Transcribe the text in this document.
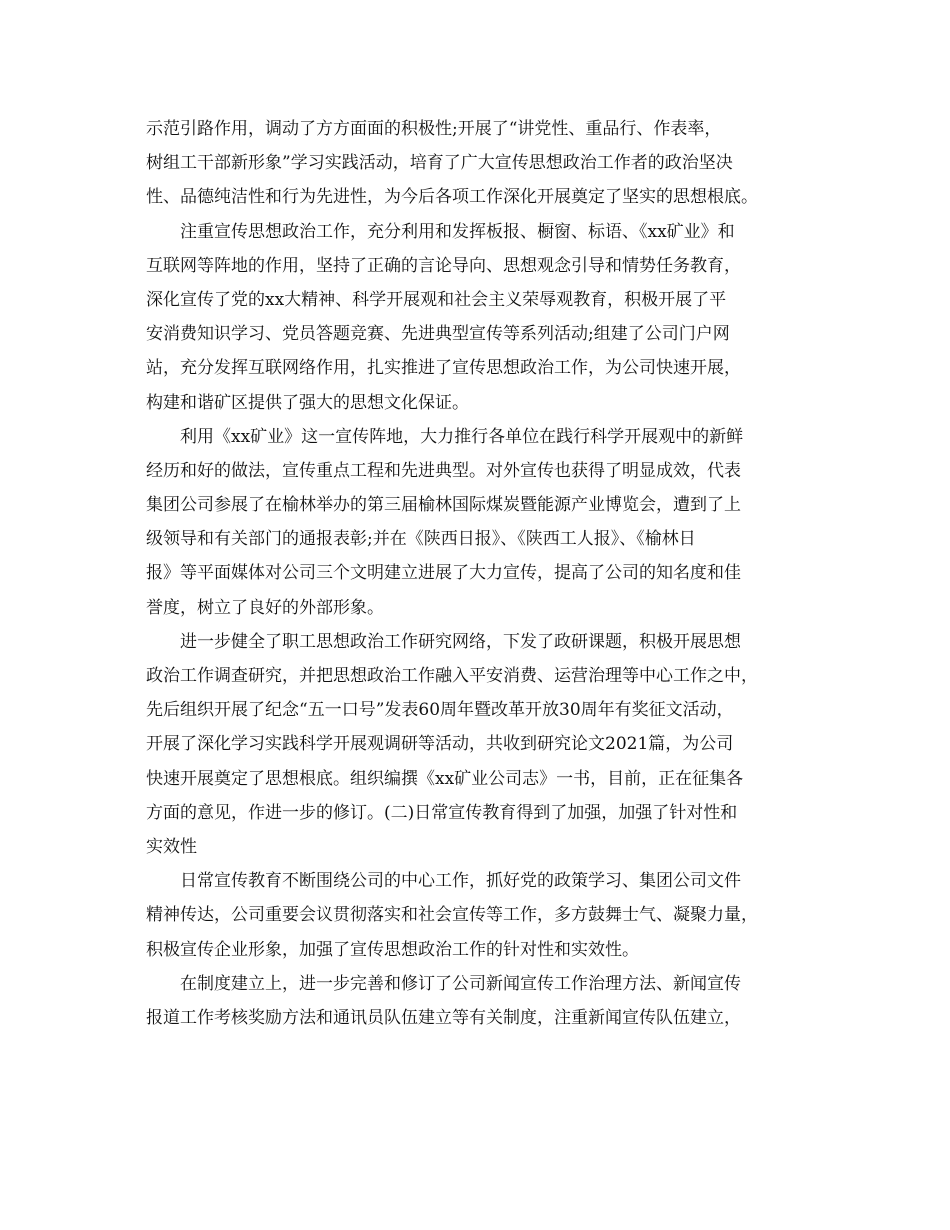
示范引路作用，调动了方方面面的积极性;开展了“讲党性、重品行、作表率，
树组工干部新形象”学习实践活动，培育了广大宣传思想政治工作者的政治坚决
性、品德纯洁性和行为先进性，为今后各项工作深化开展奠定了坚实的思想根底。
注重宣传思想政治工作，充分利用和发挥板报、橱窗、标语、《xx矿业》和
互联网等阵地的作用，坚持了正确的言论导向、思想观念引导和情势任务教育，
深化宣传了党的xx大精神、科学开展观和社会主义荣辱观教育，积极开展了平
安消费知识学习、党员答题竞赛、先进典型宣传等系列活动;组建了公司门户网
站，充分发挥互联网络作用，扎实推进了宣传思想政治工作，为公司快速开展，
构建和谐矿区提供了强大的思想文化保证。
利用《xx矿业》这一宣传阵地，大力推行各单位在践行科学开展观中的新鲜
经历和好的做法，宣传重点工程和先进典型。对外宣传也获得了明显成效，代表
集团公司参展了在榆林举办的第三届榆林国际煤炭暨能源产业博览会，遭到了上
级领导和有关部门的通报表彰;并在《陕西日报》、《陕西工人报》、《榆林日
报》等平面媒体对公司三个文明建立进展了大力宣传，提高了公司的知名度和佳
誉度，树立了良好的外部形象。
进一步健全了职工思想政治工作研究网络，下发了政研课题，积极开展思想
政治工作调查研究，并把思想政治工作融入平安消费、运营治理等中心工作之中，
先后组织开展了纪念“五一口号”发表60周年暨改革开放30周年有奖征文活动，
开展了深化学习实践科学开展观调研等活动，共收到研究论文2021篇，为公司
快速开展奠定了思想根底。组织编撰《xx矿业公司志》一书，目前，正在征集各
方面的意见，作进一步的修订。(二)日常宣传教育得到了加强，加强了针对性和
实效性
日常宣传教育不断围绕公司的中心工作，抓好党的政策学习、集团公司文件
精神传达，公司重要会议贯彻落实和社会宣传等工作，多方鼓舞士气、凝聚力量，
积极宣传企业形象，加强了宣传思想政治工作的针对性和实效性。
在制度建立上，进一步完善和修订了公司新闻宣传工作治理方法、新闻宣传
报道工作考核奖励方法和通讯员队伍建立等有关制度，注重新闻宣传队伍建立，
